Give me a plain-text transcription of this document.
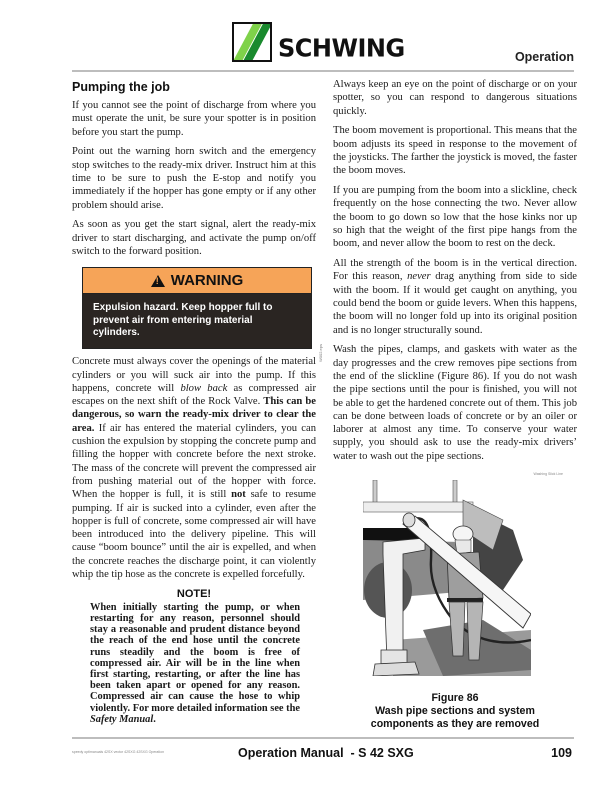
SCHWING	Operation
Pumping the job

If you cannot see the point of discharge from where you must operate the unit, be sure your spotter is in position before you start the pump.

Point out the warning horn switch and the emergency stop switches to the ready-mix driver. Instruct him at this time to be sure to push the E-stop and notify you immediately if the hopper has gone empty or if any other problem should arise.

As soon as you get the start signal, alert the ready-mix driver to start discharging, and activate the pump on/off switch to the forward position.

!
WARNING
Expulsion hazard. Keep hopper full to prevent air from entering material cylinders.
W002.eps

Concrete must always cover the openings of the material cylinders or you will suck air into the pump. If this happens, concrete will blow back as compressed air escapes on the next shift of the Rock Valve. This can be dangerous, so warn the ready-mix driver to clear the area. If air has entered the material cylinders, you can cushion the expulsion by stopping the concrete pump and filling the hopper with concrete before the next stroke. The mass of the concrete will prevent the compressed air from pushing material out of the hopper with force. When the hopper is full, it is still not safe to resume pumping. If air is sucked into a cylinder, even after the hopper is full of concrete, some compressed air will have been introduced into the delivery pipeline. This will cause “boom bounce” until the air is expelled, and when the concrete reaches the discharge point, it can violently whip the tip hose as the concrete is expelled forcefully.

NOTE!
When initially starting the pump, or when restarting for any reason, personnel should stay a reasonable and prudent distance beyond the reach of the end hose until the concrete runs steadily and the boom is free of compressed air. Air will be in the line when first starting, restarting, or after the line has been taken apart or opened for any reason. Compressed air can cause the hose to whip violently. For more detailed information see the Safety Manual.

Always keep an eye on the point of discharge or on your spotter, so you can respond to dangerous situations quickly.

The boom movement is proportional. This means that the boom adjusts its speed in response to the movement of the joysticks. The farther the joystick is moved, the faster the boom moves.

If you are pumping from the boom into a slickline, check frequently on the hose connecting the two. Never allow the boom to go down so low that the hose kinks nor up so high that the weight of the first pipe hangs from the boom, and never allow the boom to rest on the deck.

All the strength of the boom is in the vertical direction. For this reason, never drag anything from side to side with the boom. If it would get caught on anything, you could bend the boom or guide levers. When this happens, the boom will no longer fold up into its original position and is no longer structurally sound.

Wash the pipes, clamps, and gaskets with water as the day progresses and the crew removes pipe sections from the end of the slickline (Figure 86). If you do not wash the pipe sections until the pour is finished, you will not be able to get the hardened concrete out of them. This job can be done between loads of concrete or by an oiler or laborer at almost any time. To conserve your water supply, you should ask to use the ready-mix drivers’ water to wash out the pipe sections.

Washing Slick Line
Figure 86
Wash pipe sections and system
components as they are removed
speedy optimanuals 42SX vector 42SXG 42SXG Operation	Operation Manual  - S 42 SXG	109
